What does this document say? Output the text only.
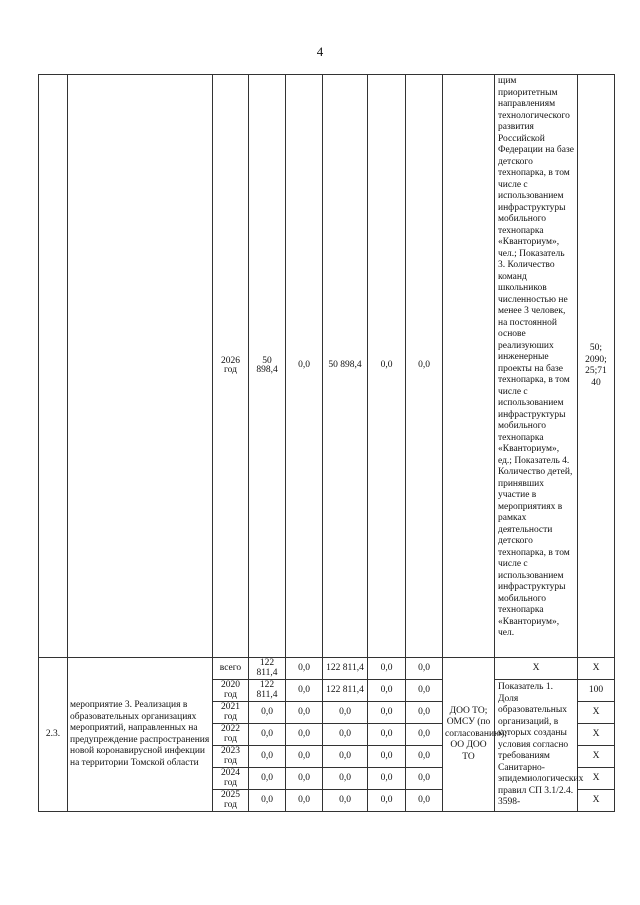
4
		2026 год	50 898,4	0,0	50 898,4	0,0	0,0		щим приоритетным направлениям технологического развития Российской Федерации на базе детского технопарка, в том числе с использованием инфраструктуры мобильного технопарка «Кванториум», чел.; Показатель 3. Количество команд школьников численностью не менее 3 человек, на постоянной основе реализуюших инженерные проекты на базе технопарка, в том числе с использованием инфраструктуры мобильного технопарка «Кванториум», ед.; Показатель 4. Количество детей, принявших участие в мероприятиях в рамках деятельности детского технопарка, в том числе с использованием инфраструктуры мобильного технопарка «Кванториум», чел.	50; 2090; 25;71 40
2.3.	мероприятие 3. Реализация в образовательных организациях мероприятий, направленных на предупреждение распространения новой коронавирусной инфекции на территории Томской области	всего	122 811,4	0,0	122 811,4	0,0	0,0	ДОО ТО; ОМСУ (по согласованию); ОО ДОО ТО	X	X
		2020 год	122 811,4	0,0	122 811,4	0,0	0,0		Показатель 1. Доля образовательных организаций, в которых созданы условия согласно требованиям Санитарно-эпидемиологических правил СП 3.1/2.4. 3598-	100
		2021 год	0,0	0,0	0,0	0,0	0,0			X
		2022 год	0,0	0,0	0,0	0,0	0,0			X
		2023 год	0,0	0,0	0,0	0,0	0,0			X
		2024 год	0,0	0,0	0,0	0,0	0,0			X
		2025 год	0,0	0,0	0,0	0,0	0,0			X
